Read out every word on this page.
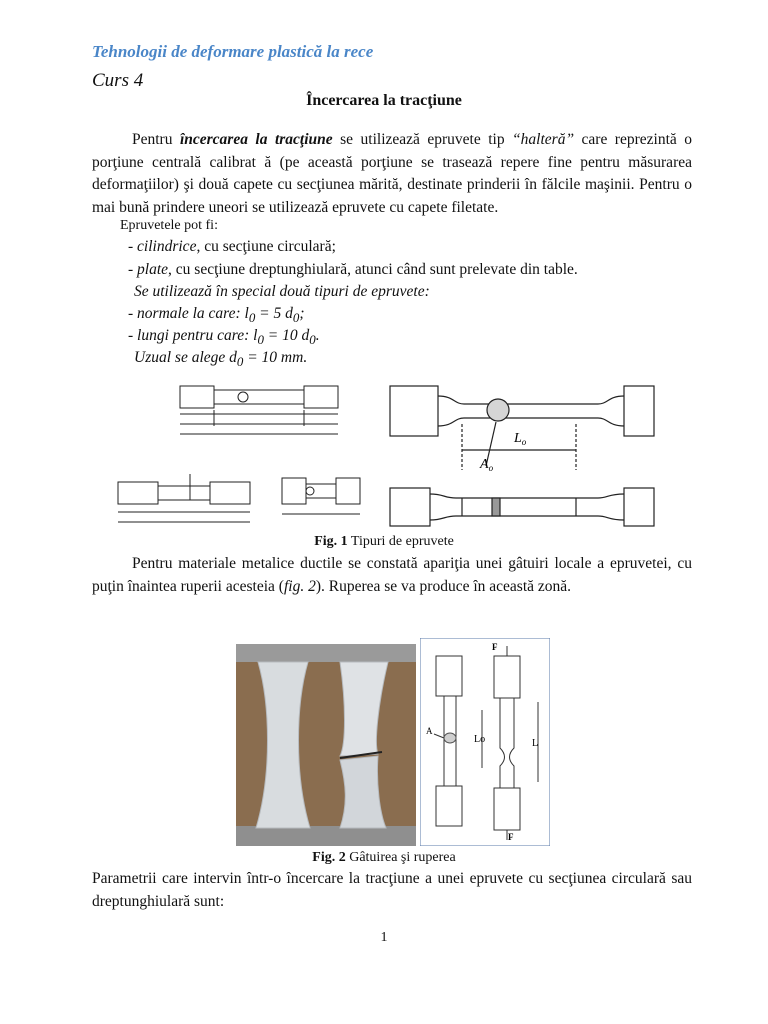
Tehnologii de deformare plastică la rece
Curs 4
Încercarea la tracţiune
Pentru încercarea la tracţiune se utilizează epruvete tip “halteră” care reprezintă o porţiune centrală calibrat ă (pe această porţiune se trasează repere fine pentru măsurarea deformaţiilor) şi două capete cu secţiunea mărită, destinate prinderii în fălcile maşinii. Pentru o mai bună prindere uneori se utilizează epruvete cu capete filetate.
Epruvetele pot fi:
- cilindrice, cu secţiune circulară;
- plate, cu secţiune dreptunghiulară, atunci când sunt prelevate din table.
Se utilizează în special două tipuri de epruvete:
- normale la care: $l_0 = 5$ $d_0$;
- lungi pentru care: $l_0 = 10$ $d_0$.
Uzual se alege $d_0 = 10$ mm.
$L_o$
$A_o$
Fig. 1 Tipuri de epruvete
Pentru materiale metalice ductile se constată apariţia unei gâtuiri locale a epruvetei, cu puţin înaintea ruperii acesteia (fig. 2). Ruperea se va produce în această zonă.
F
F
A
Lo	L
Fig. 2 Gâtuirea şi ruperea
Parametrii care intervin într-o încercare la tracţiune a unei epruvete cu secţiunea circulară sau dreptunghiulară sunt:
1
